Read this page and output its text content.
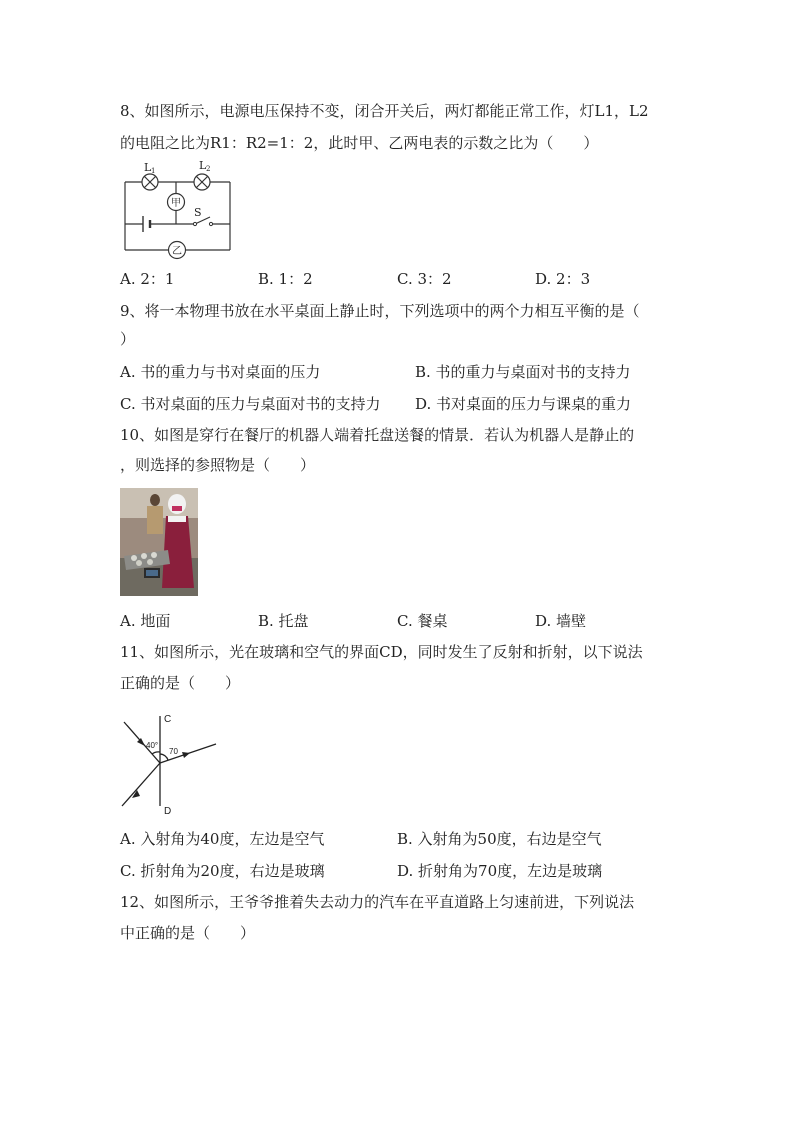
8、如图所示，电源电压保持不变，闭合开关后，两灯都能正常工作，灯L1，L2
的电阻之比为R1：R2=1：2，此时甲、乙两电表的示数之比为（　　）
甲
乙
L 1	L 2
S
A. 2：1	B. 1：2	C. 3：2	D. 2：3
9、将一本物理书放在水平桌面上静止时，下列选项中的两个力相互平衡的是（
）
A. 书的重力与书对桌面的压力	B. 书的重力与桌面对书的支持力
C. 书对桌面的压力与桌面对书的支持力 D. 书对桌面的压力与课桌的重力
10、如图是穿行在餐厅的机器人端着托盘送餐的情景．若认为机器人是静止的
，则选择的参照物是（　　）
A. 地面	B. 托盘	C. 餐桌	D. 墙壁
11、如图所示，光在玻璃和空气的界面CD，同时发生了反射和折射，以下说法
正确的是（　　）
C
D
40°
70
A. 入射角为40度，左边是空气	B. 入射角为50度，右边是空气
C. 折射角为20度，右边是玻璃	D. 折射角为70度，左边是玻璃
12、如图所示，王爷爷推着失去动力的汽车在平直道路上匀速前进，下列说法
中正确的是（　　）
